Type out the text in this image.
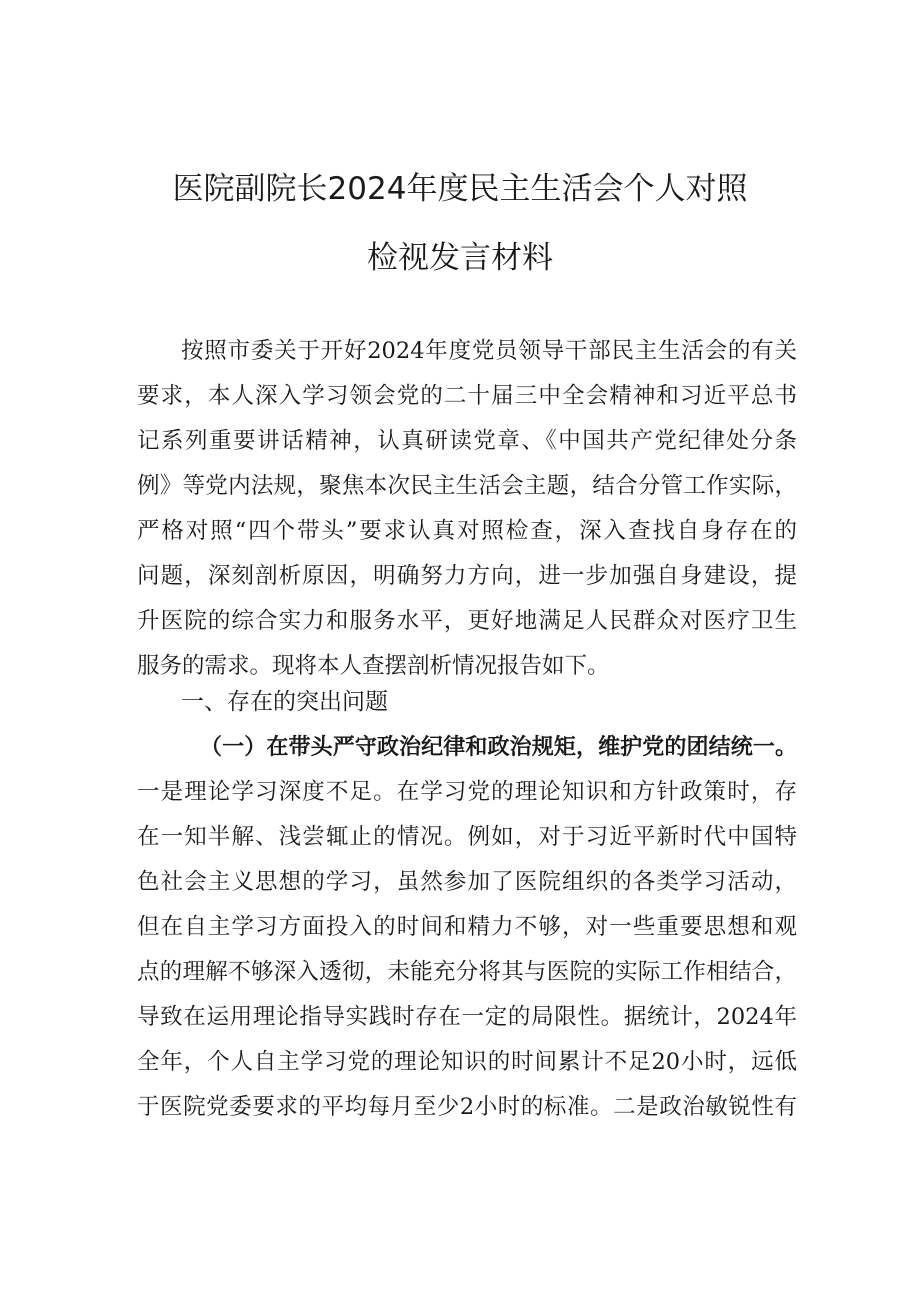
医院副院长2024年度民主生活会个人对照
检视发言材料
按照市委关于开好2024年度党员领导干部民主生活会的有关
要求，本人深入学习领会党的二十届三中全会精神和习近平总书
记系列重要讲话精神，认真研读党章、《中国共产党纪律处分条
例》等党内法规，聚焦本次民主生活会主题，结合分管工作实际，
严格对照“四个带头”要求认真对照检查，深入查找自身存在的
问题，深刻剖析原因，明确努力方向，进一步加强自身建设，提
升医院的综合实力和服务水平，更好地满足人民群众对医疗卫生
服务的需求。现将本人查摆剖析情况报告如下。
一、存在的突出问题
（一）在带头严守政治纪律和政治规矩，维护党的团结统一。
一是理论学习深度不足。在学习党的理论知识和方针政策时，存
在一知半解、浅尝辄止的情况。例如，对于习近平新时代中国特
色社会主义思想的学习，虽然参加了医院组织的各类学习活动，
但在自主学习方面投入的时间和精力不够，对一些重要思想和观
点的理解不够深入透彻，未能充分将其与医院的实际工作相结合，
导致在运用理论指导实践时存在一定的局限性。据统计，2024年
全年，个人自主学习党的理论知识的时间累计不足20小时，远低
于医院党委要求的平均每月至少2小时的标准。二是政治敏锐性有
